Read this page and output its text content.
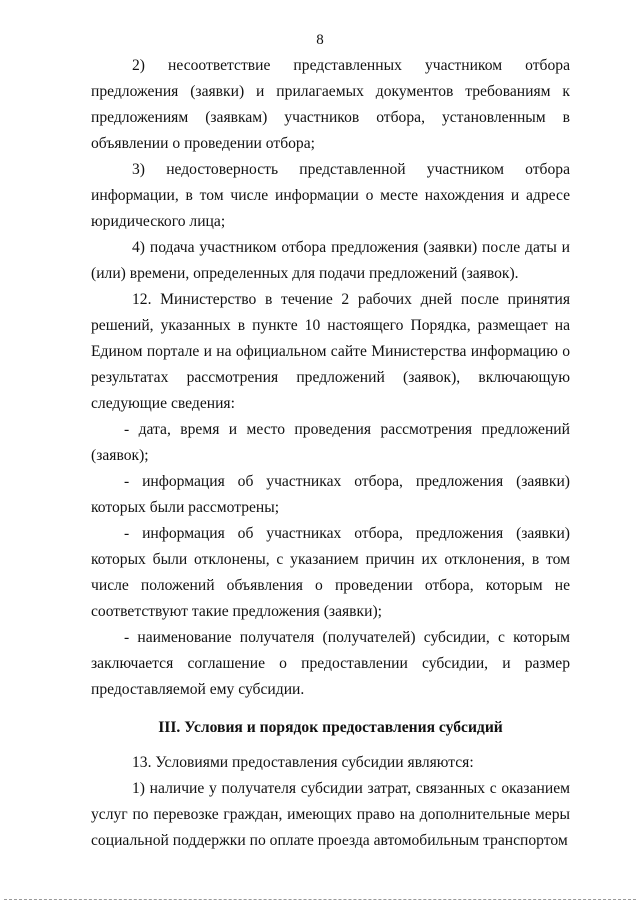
8

2) несоответствие представленных участником отбора предложения (заявки) и прилагаемых документов требованиям к предложениям (заявкам) участников отбора, установленным в объявлении о проведении отбора;

3) недостоверность представленной участником отбора информации, в том числе информации о месте нахождения и адресе юридического лица;

4) подача участником отбора предложения (заявки) после даты и (или) времени, определенных для подачи предложений (заявок).

12. Министерство в течение 2 рабочих дней после принятия решений, указанных в пункте 10 настоящего Порядка, размещает на Едином портале и на официальном сайте Министерства информацию о результатах рассмотрения предложений (заявок), включающую следующие сведения:

- дата, время и место проведения рассмотрения предложений (заявок);

- информация об участниках отбора, предложения (заявки) которых были рассмотрены;

- информация об участниках отбора, предложения (заявки) которых были отклонены, с указанием причин их отклонения, в том числе положений объявления о проведении отбора, которым не соответствуют такие предложения (заявки);

- наименование получателя (получателей) субсидии, с которым заключается соглашение о предоставлении субсидии, и размер предоставляемой ему субсидии.

III. Условия и порядок предоставления субсидий

13. Условиями предоставления субсидии являются:

1) наличие у получателя субсидии затрат, связанных с оказанием услуг по перевозке граждан, имеющих право на дополнительные меры социальной поддержки по оплате проезда автомобильным транспортом
